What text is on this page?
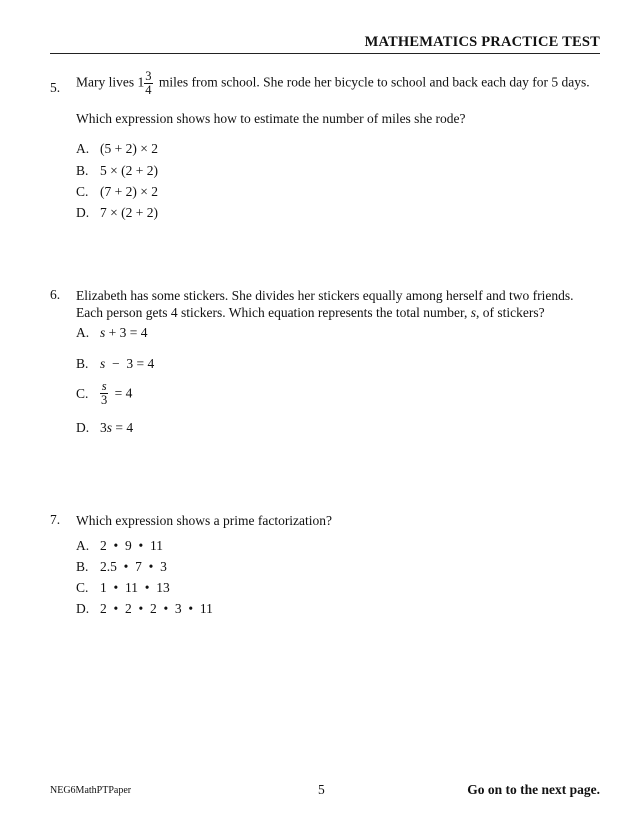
MATHEMATICS PRACTICE TEST
5. Mary lives $1 \frac{3}{4}$ miles from school. She rode her bicycle to school and back each day for 5 days.
Which expression shows how to estimate the number of miles she rode?
A. (5 + 2) × 2
B. 5 × (2 + 2)
C. (7 + 2) × 2
D. 7 × (2 + 2)
6. Elizabeth has some stickers. She divides her stickers equally among herself and two friends. Each person gets 4 stickers. Which equation represents the total number, s, of stickers?
A. s + 3 = 4
B. s  −  3 = 4
C. $\frac{s}{3} = 4$
D. 3s = 4
7. Which expression shows a prime factorization?
A. 2  •  9  •  11
B. 2.5  •  7  •  3
C. 1  •  11  •  13
D. 2  •  2  •  2  •  3  •  11
NEG6MathPTPaper	5	Go on to the next page.
